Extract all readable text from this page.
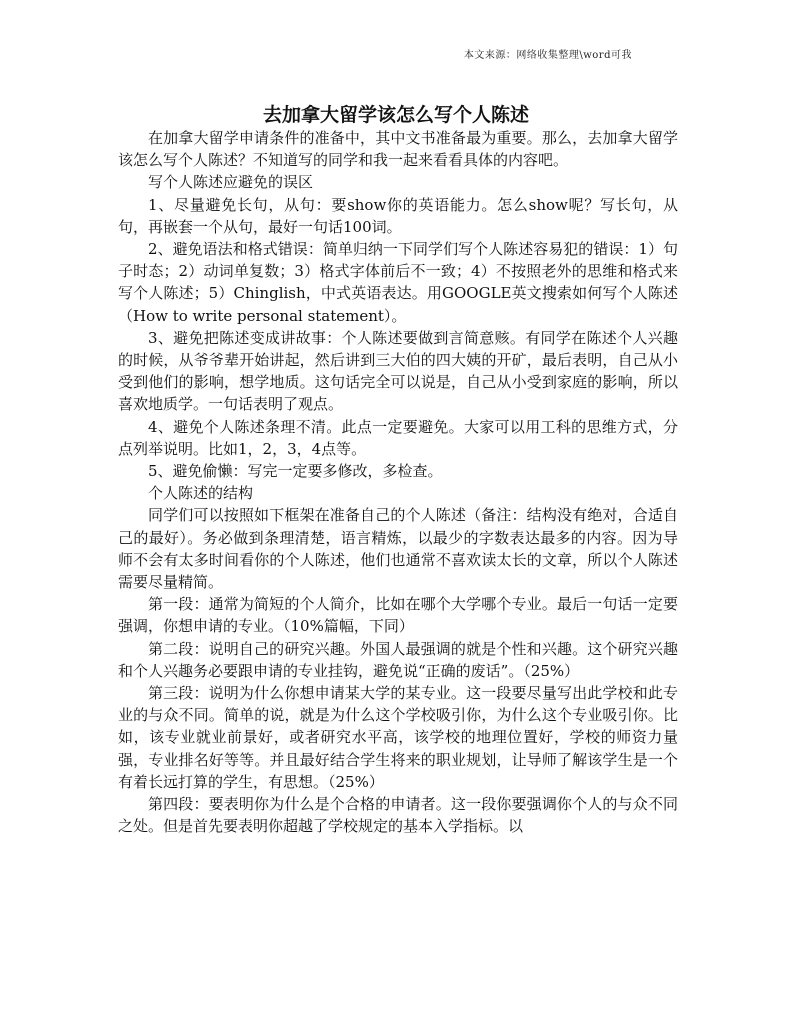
本文来源：网络收集整理\word可我
去加拿大留学该怎么写个人陈述

在加拿大留学申请条件的准备中，其中文书准备最为重要。那么，去加拿大留学该怎么写个人陈述？不知道写的同学和我一起来看看具体的内容吧。

写个人陈述应避免的误区

1、尽量避免长句，从句：要show你的英语能力。怎么show呢？写长句，从句，再嵌套一个从句，最好一句话100词。

2、避免语法和格式错误：简单归纳一下同学们写个人陈述容易犯的错误：1）句子时态；2）动词单复数；3）格式字体前后不一致；4）不按照老外的思维和格式来写个人陈述；5）Chinglish，中式英语表达。用GOOGLE英文搜索如何写个人陈述（How to write personal statement）。

3、避免把陈述变成讲故事：个人陈述要做到言简意赅。有同学在陈述个人兴趣的时候，从爷爷辈开始讲起，然后讲到三大伯的四大姨的开矿，最后表明，自己从小受到他们的影响，想学地质。这句话完全可以说是，自己从小受到家庭的影响，所以喜欢地质学。一句话表明了观点。

4、避免个人陈述条理不清。此点一定要避免。大家可以用工科的思维方式，分点列举说明。比如1，2，3，4点等。

5、避免偷懒：写完一定要多修改，多检查。

个人陈述的结构

同学们可以按照如下框架在准备自己的个人陈述（备注：结构没有绝对，合适自己的最好）。务必做到条理清楚，语言精炼，以最少的字数表达最多的内容。因为导师不会有太多时间看你的个人陈述，他们也通常不喜欢读太长的文章，所以个人陈述需要尽量精简。

第一段：通常为简短的个人简介，比如在哪个大学哪个专业。最后一句话一定要强调，你想申请的专业。（10%篇幅，下同）

第二段：说明自己的研究兴趣。外国人最强调的就是个性和兴趣。这个研究兴趣和个人兴趣务必要跟申请的专业挂钩，避免说“正确的废话”。（25%）

第三段：说明为什么你想申请某大学的某专业。这一段要尽量写出此学校和此专业的与众不同。简单的说，就是为什么这个学校吸引你，为什么这个专业吸引你。比如，该专业就业前景好，或者研究水平高，该学校的地理位置好，学校的师资力量强，专业排名好等等。并且最好结合学生将来的职业规划，让导师了解该学生是一个有着长远打算的学生，有思想。（25%）

第四段：要表明你为什么是个合格的申请者。这一段你要强调你个人的与众不同之处。但是首先要表明你超越了学校规定的基本入学指标。以
